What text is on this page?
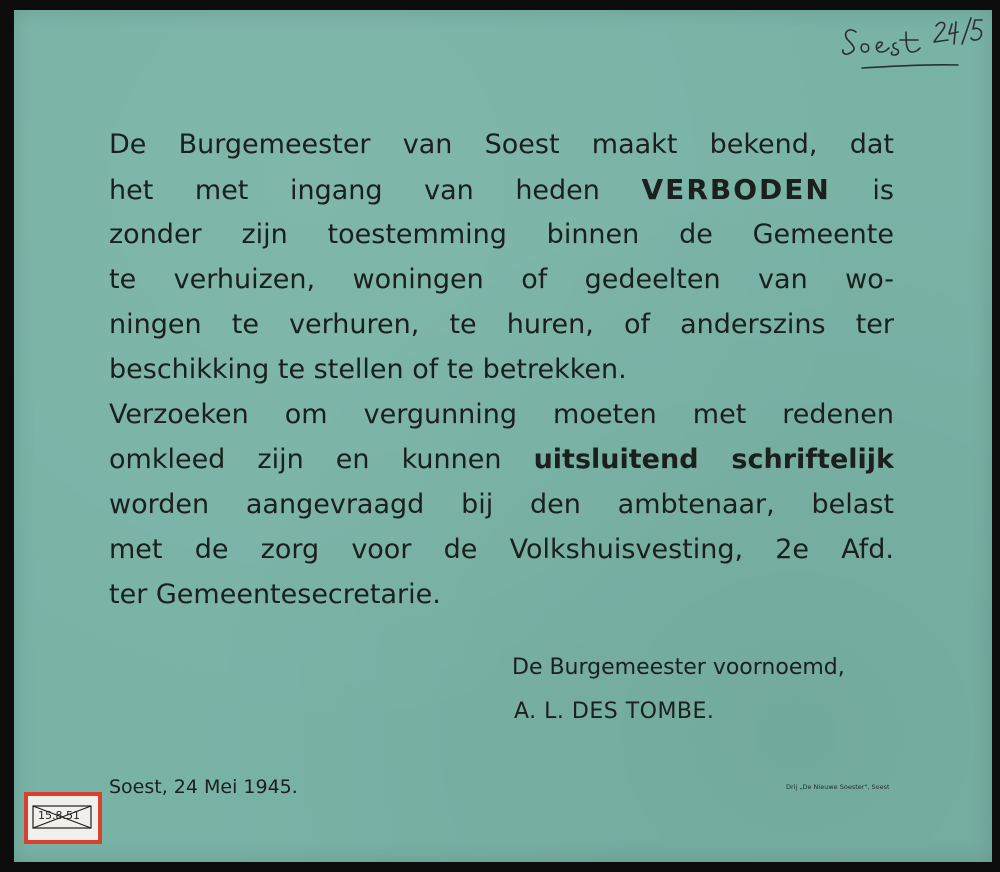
De Burgemeester van Soest maakt bekend, dat
het met ingang van heden VERBODEN is
zonder zijn toestemming binnen de Gemeente
te verhuizen, woningen of gedeelten van wo-
ningen te verhuren, te huren, of anderszins ter
beschikking te stellen of te betrekken.
Verzoeken om vergunning moeten met redenen
omkleed zijn en kunnen uitsluitend schriftelijk
worden aangevraagd bij den ambtenaar, belast
met de zorg voor de Volkshuisvesting, 2e Afd.
ter Gemeentesecretarie.
De Burgemeester voornoemd,
A. L. DES TOMBE.
Soest, 24 Mei 1945.	Drij „De Nieuwe Soester", Soest
15.8.51
